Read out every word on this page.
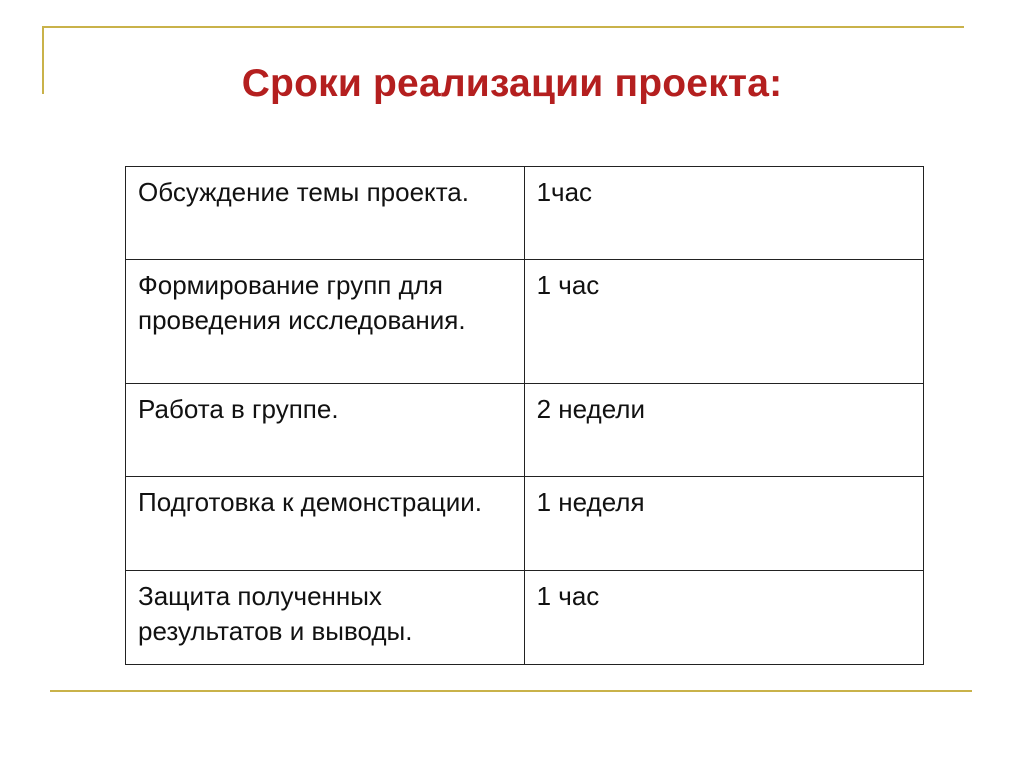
Сроки реализации проекта:
Обсуждение темы проекта.	1час
Формирование групп для проведения исследования.	1 час
Работа в группе.	2 недели
Подготовка к демонстрации.	1 неделя
Защита полученных результатов и выводы.	1 час
